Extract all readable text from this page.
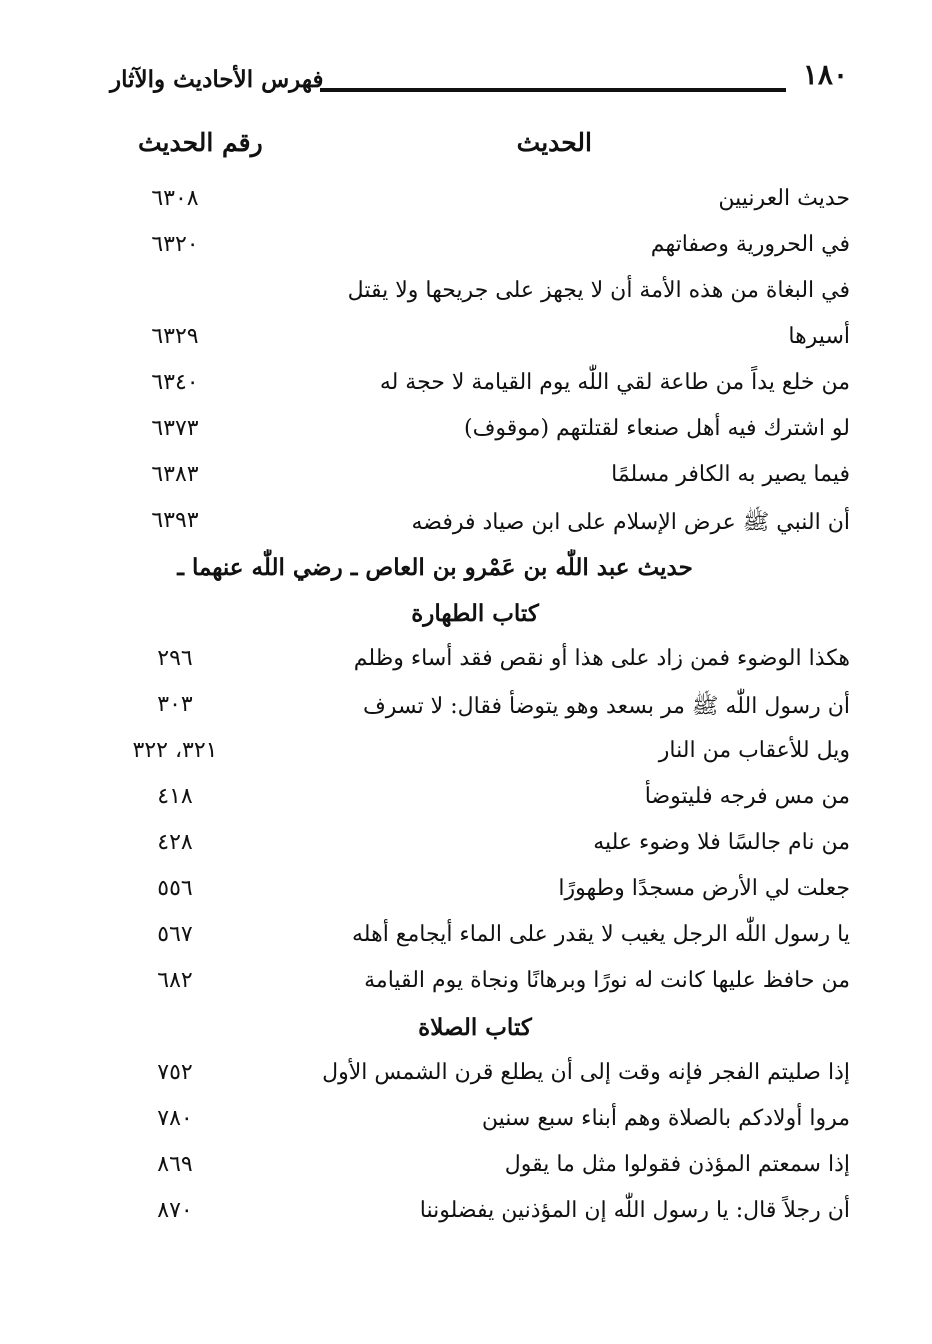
١٨٠
فهرس الأحاديث والآثار
الحديث
رقم الحديث
حديث العرنيين
٦٣٠٨
في الحرورية وصفاتهم
٦٣٢٠
في البغاة من هذه الأمة أن لا يجهز على جريحها ولا يقتل
أسيرها
٦٣٢٩
من خلع يداً من طاعة لقي اللّٰه يوم القيامة لا حجة له
٦٣٤٠
لو اشترك فيه أهل صنعاء لقتلتهم (موقوف)
٦٣٧٣
فيما يصير به الكافر مسلمًا
٦٣٨٣
أن النبي ﷺ عرض الإسلام على ابن صياد فرفضه
٦٣٩٣
حديث عبد اللّٰه بن عَمْرو بن العاص ـ رضي اللّٰه عنهما ـ
كتاب الطهارة
هكذا الوضوء فمن زاد على هذا أو نقص فقد أساء وظلم
٢٩٦
أن رسول اللّٰه ﷺ مر بسعد وهو يتوضأ فقال: لا تسرف
٣٠٣
ويل للأعقاب من النار
٣٢١، ٣٢٢
من مس فرجه فليتوضأ
٤١٨
من نام جالسًا فلا وضوء عليه
٤٢٨
جعلت لي الأرض مسجدًا وطهورًا
٥٥٦
يا رسول اللّٰه الرجل يغيب لا يقدر على الماء أيجامع أهله
٥٦٧
من حافظ عليها كانت له نورًا وبرهانًا ونجاة يوم القيامة
٦٨٢
كتاب الصلاة
إذا صليتم الفجر فإنه وقت إلى أن يطلع قرن الشمس الأول
٧٥٢
مروا أولادكم بالصلاة وهم أبناء سبع سنين
٧٨٠
إذا سمعتم المؤذن فقولوا مثل ما يقول
٨٦٩
أن رجلاً قال: يا رسول اللّٰه إن المؤذنين يفضلوننا
٨٧٠
